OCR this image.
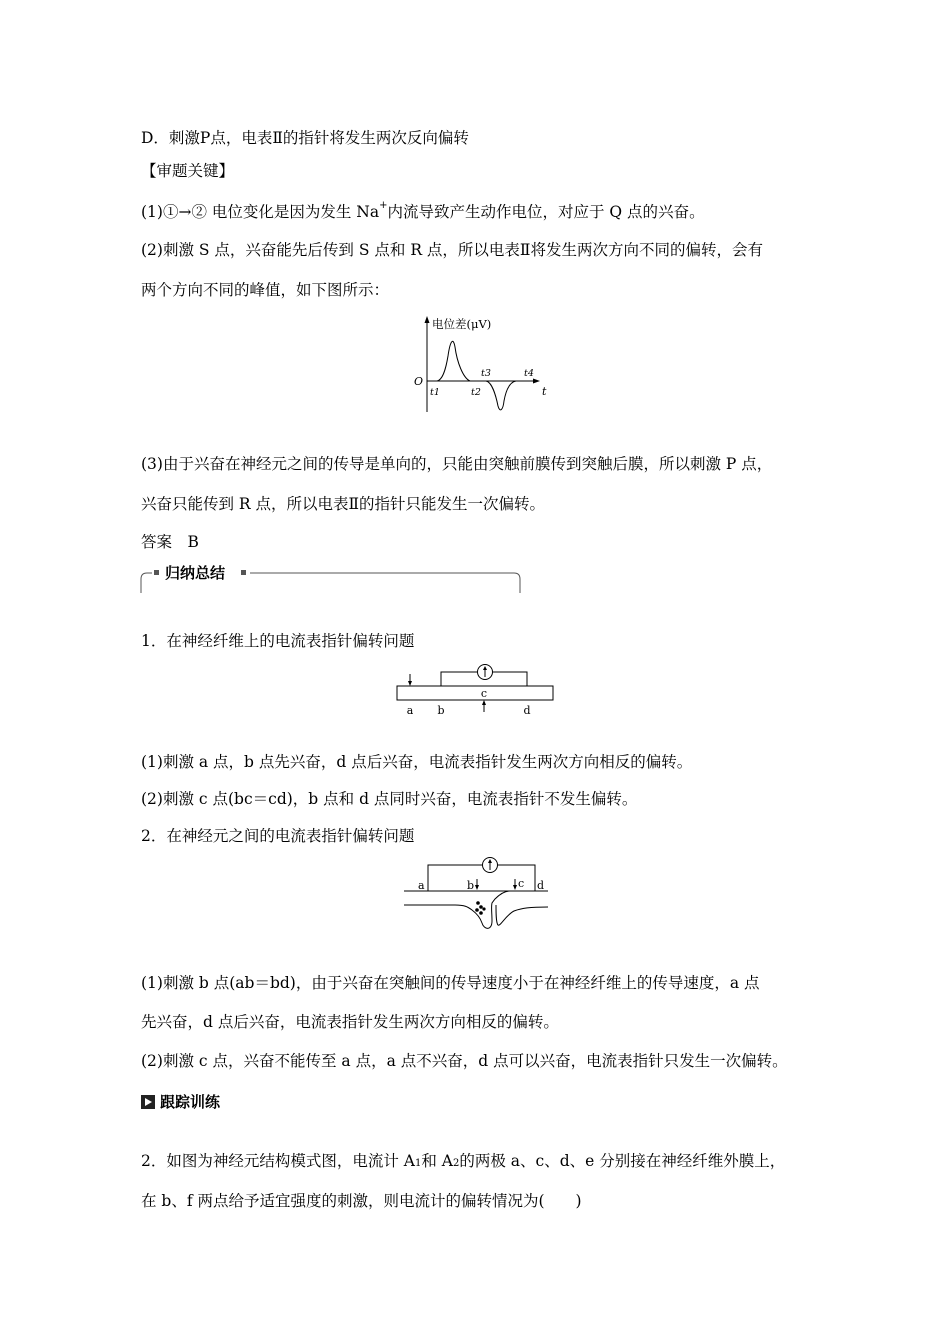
D．刺激P点，电表Ⅱ的指针将发生两次反向偏转
【审题关键】
(1)①→② 电位变化是因为发生 Na+内流导致产生动作电位，对应于 Q 点的兴奋。
(2)刺激 S 点，兴奋能先后传到 S 点和 R 点，所以电表Ⅱ将发生两次方向不同的偏转，会有
两个方向不同的峰值，如下图所示：
电位差(μV)
O
t
t1	t2
t3	t4
(3)由于兴奋在神经元之间的传导是单向的，只能由突触前膜传到突触后膜，所以刺激 P 点，
兴奋只能传到 R 点，所以电表Ⅱ的指针只能发生一次偏转。
答案　B
归纳总结
1．在神经纤维上的电流表指针偏转问题
a b
c
d
(1)刺激 a 点，b 点先兴奋，d 点后兴奋，电流表指针发生两次方向相反的偏转。
(2)刺激 c 点(bc＝cd)，b 点和 d 点同时兴奋，电流表指针不发生偏转。
2．在神经元之间的电流表指针偏转问题
a	b	c d
(1)刺激 b 点(ab＝bd)，由于兴奋在突触间的传导速度小于在神经纤维上的传导速度，a 点
先兴奋，d 点后兴奋，电流表指针发生两次方向相反的偏转。
(2)刺激 c 点，兴奋不能传至 a 点，a 点不兴奋，d 点可以兴奋，电流表指针只发生一次偏转。
跟踪训练
2．如图为神经元结构模式图，电流计 A1和 A2的两极 a、c、d、e 分别接在神经纤维外膜上，
在 b、f 两点给予适宜强度的刺激，则电流计的偏转情况为(　　)
